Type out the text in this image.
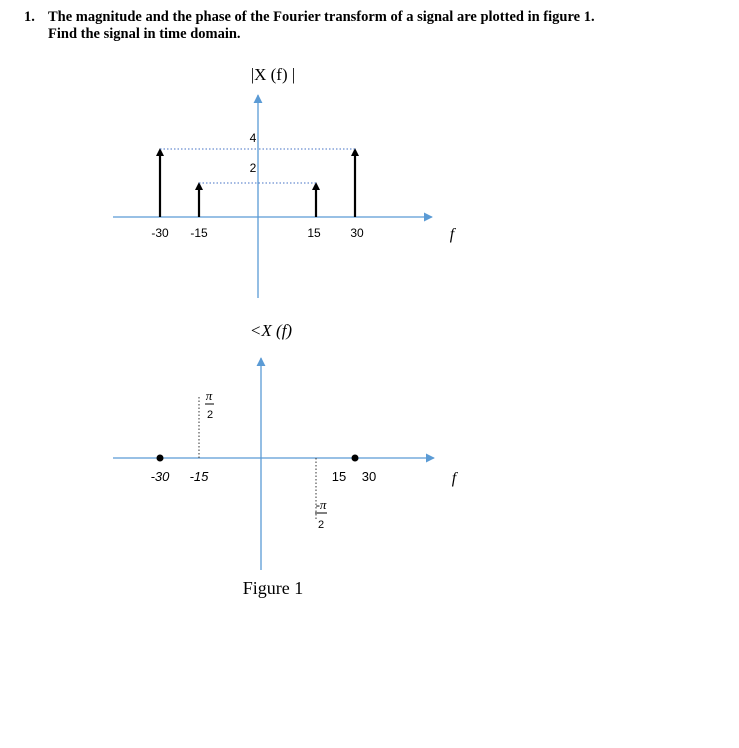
1. The magnitude and the phase of the Fourier transform of a signal are plotted in figure 1.
Find the signal in time domain.
|X (f) |
4
2
-30 -15	15 30	f
<X (f)
π
2
-π
2
-30 -15	15 30	f
Figure 1
